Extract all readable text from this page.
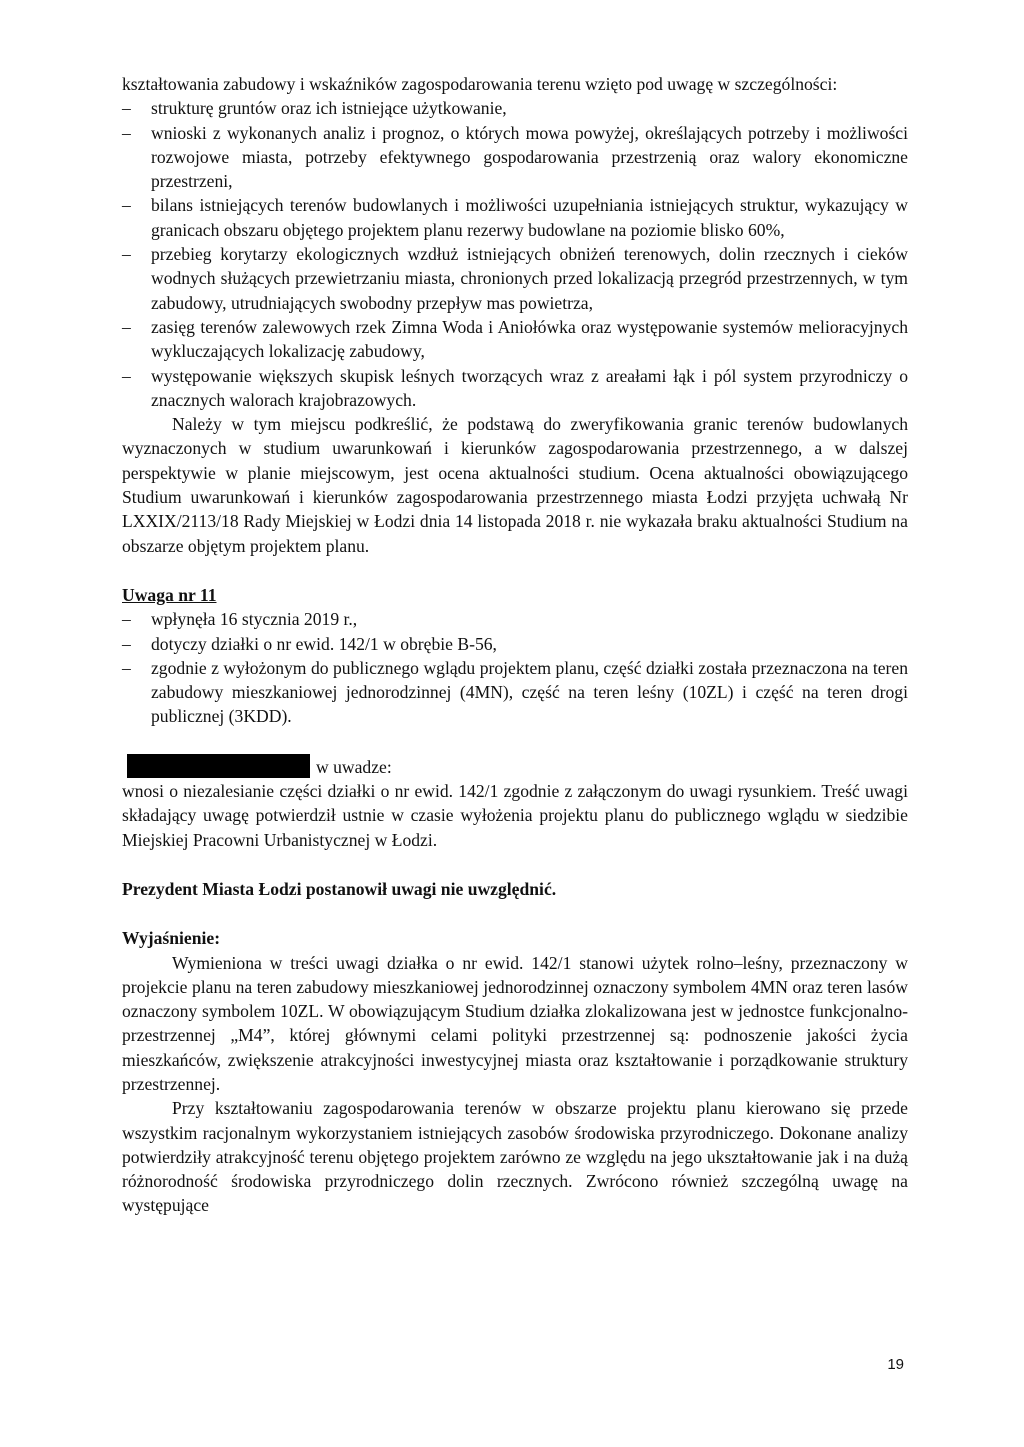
kształtowania zabudowy i wskaźników zagospodarowania terenu wzięto pod uwagę w szczególności:

– strukturę gruntów oraz ich istniejące użytkowanie,
– wnioski z wykonanych analiz i prognoz, o których mowa powyżej, określających potrzeby i możliwości rozwojowe miasta, potrzeby efektywnego gospodarowania przestrzenią oraz walory ekonomiczne przestrzeni,
– bilans istniejących terenów budowlanych i możliwości uzupełniania istniejących struktur, wykazujący w granicach obszaru objętego projektem planu rezerwy budowlane na poziomie blisko 60%,
– przebieg korytarzy ekologicznych wzdłuż istniejących obniżeń terenowych, dolin rzecznych i cieków wodnych służących przewietrzaniu miasta, chronionych przed lokalizacją przegród przestrzennych, w tym zabudowy, utrudniających swobodny przepływ mas powietrza,
– zasięg terenów zalewowych rzek Zimna Woda i Aniołówka oraz występowanie systemów melioracyjnych wykluczających lokalizację zabudowy,
– występowanie większych skupisk leśnych tworzących wraz z areałami łąk i pól system przyrodniczy o znacznych walorach krajobrazowych.

Należy w tym miejscu podkreślić, że podstawą do zweryfikowania granic terenów budowlanych wyznaczonych w studium uwarunkowań i kierunków zagospodarowania przestrzennego, a w dalszej perspektywie w planie miejscowym, jest ocena aktualności studium. Ocena aktualności obowiązującego Studium uwarunkowań i kierunków zagospodarowania przestrzennego miasta Łodzi przyjęta uchwałą Nr LXXIX/2113/18 Rady Miejskiej w Łodzi dnia 14 listopada 2018 r. nie wykazała braku aktualności Studium na obszarze objętym projektem planu.

Uwaga nr 11

– wpłynęła 16 stycznia 2019 r.,
– dotyczy działki o nr ewid. 142/1 w obrębie B-56,
– zgodnie z wyłożonym do publicznego wglądu projektem planu, część działki została przeznaczona na teren zabudowy mieszkaniowej jednorodzinnej (4MN), część na teren leśny (10ZL) i część na teren drogi publicznej (3KDD).

w uwadze:

wnosi o niezalesianie części działki o nr ewid. 142/1 zgodnie z załączonym do uwagi rysunkiem. Treść uwagi składający uwagę potwierdził ustnie w czasie wyłożenia projektu planu do publicznego wglądu w siedzibie Miejskiej Pracowni Urbanistycznej w Łodzi.

Prezydent Miasta Łodzi postanowił uwagi nie uwzględnić.

Wyjaśnienie:

Wymieniona w treści uwagi działka o nr ewid. 142/1 stanowi użytek rolno–leśny, przeznaczony w projekcie planu na teren zabudowy mieszkaniowej jednorodzinnej oznaczony symbolem 4MN oraz teren lasów oznaczony symbolem 10ZL. W obowiązującym Studium działka zlokalizowana jest w jednostce funkcjonalno-przestrzennej „M4”, której głównymi celami polityki przestrzennej są: podnoszenie jakości życia mieszkańców, zwiększenie atrakcyjności inwestycyjnej miasta oraz kształtowanie i porządkowanie struktury przestrzennej.

Przy kształtowaniu zagospodarowania terenów w obszarze projektu planu kierowano się przede wszystkim racjonalnym wykorzystaniem istniejących zasobów środowiska przyrodniczego. Dokonane analizy potwierdziły atrakcyjność terenu objętego projektem zarówno ze względu na jego ukształtowanie jak i na dużą różnorodność środowiska przyrodniczego dolin rzecznych. Zwrócono również szczególną uwagę na występujące

19
